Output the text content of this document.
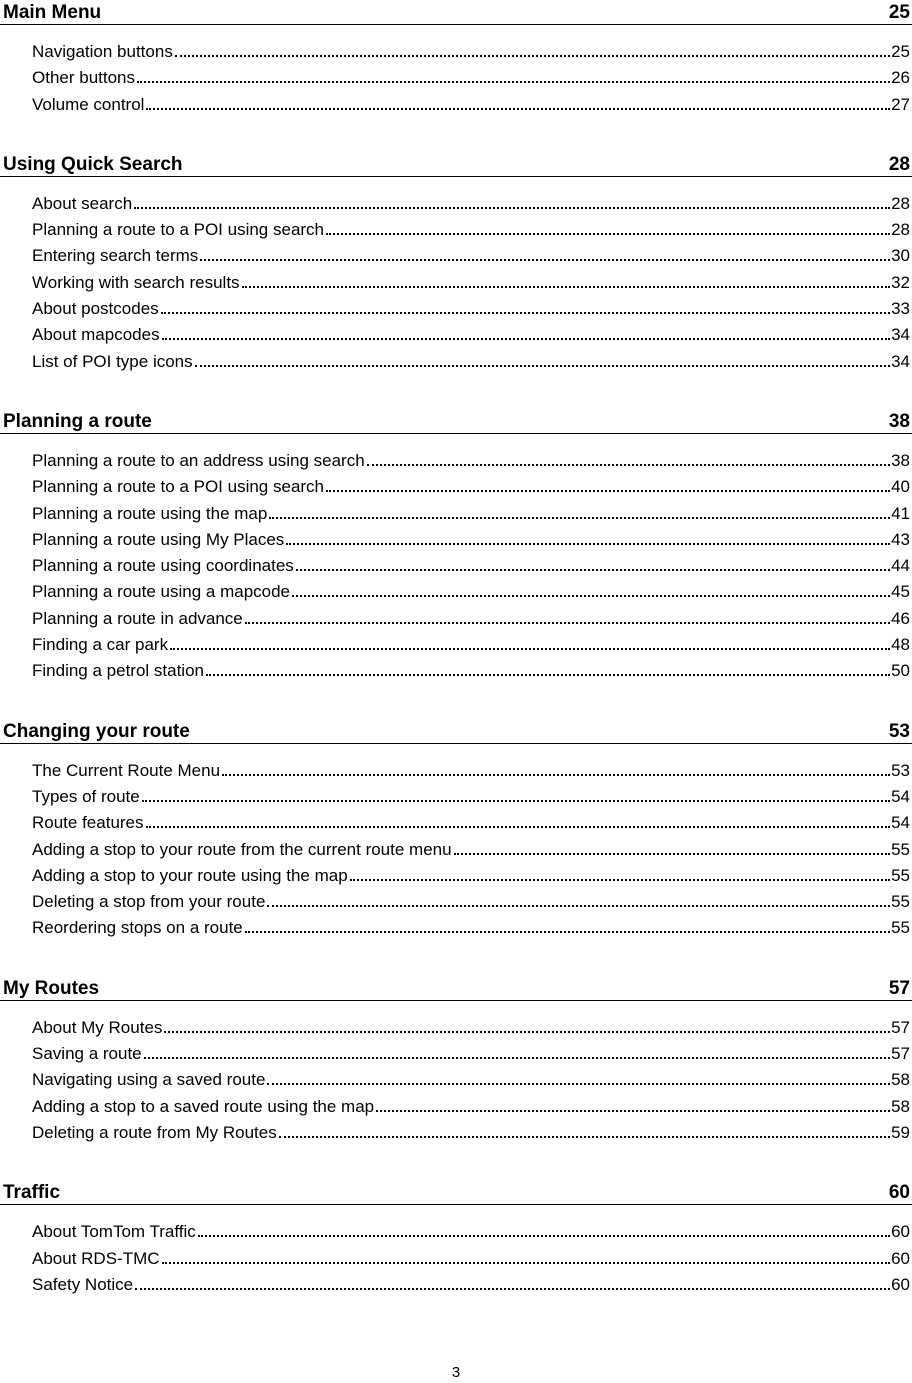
Main Menu	25
Navigation buttons	25
Other buttons	26
Volume control	27
Using Quick Search	28
About search	28
Planning a route to a POI using search	28
Entering search terms	30
Working with search results	32
About postcodes	33
About mapcodes	34
List of POI type icons	34
Planning a route	38
Planning a route to an address using search	38
Planning a route to a POI using search	40
Planning a route using the map	41
Planning a route using My Places	43
Planning a route using coordinates	44
Planning a route using a mapcode	45
Planning a route in advance	46
Finding a car park	48
Finding a petrol station	50
Changing your route	53
The Current Route Menu	53
Types of route	54
Route features	54
Adding a stop to your route from the current route menu	55
Adding a stop to your route using the map	55
Deleting a stop from your route	55
Reordering stops on a route	55
My Routes	57
About My Routes	57
Saving a route	57
Navigating using a saved route	58
Adding a stop to a saved route using the map	58
Deleting a route from My Routes	59
Traffic	60
About TomTom Traffic	60
About RDS-TMC	60
Safety Notice	60
3
